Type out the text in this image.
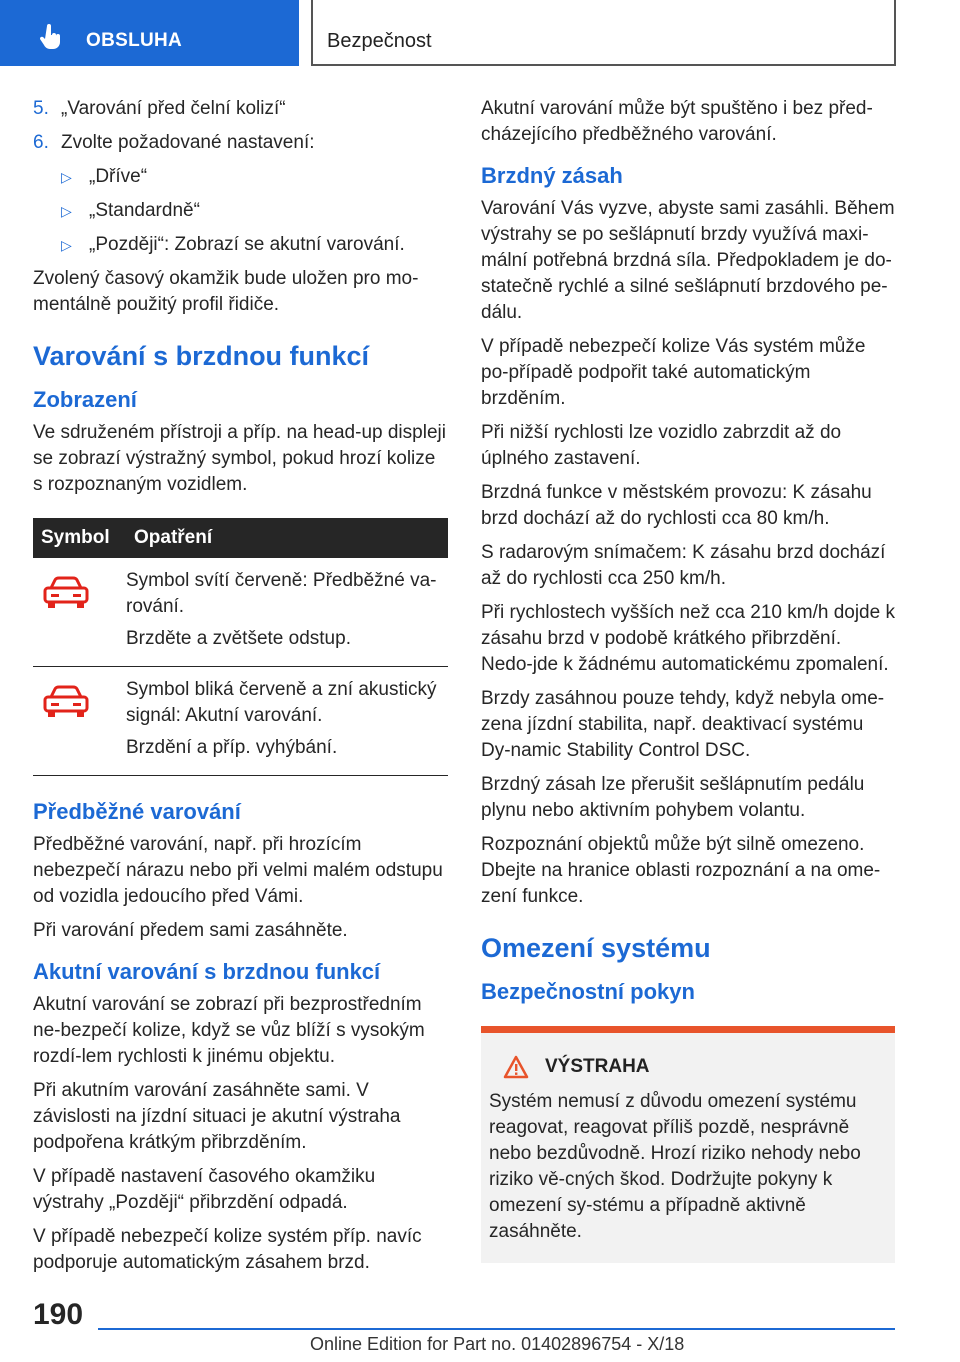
OBSLUHA	Bezpečnost
5. „Varování před čelní kolizí“
6. Zvolte požadované nastavení:
▷ „Dříve“
▷ „Standardně“
▷ „Později“: Zobrazí se akutní varování.

Zvolený časový okamžik bude uložen pro mo-mentálně použitý profil řidiče.

Varování s brzdnou funkcí
Zobrazení

Ve sdruženém přístroji a příp. na head-up displeji se zobrazí výstražný symbol, pokud hrozí kolize s rozpoznaným vozidlem.

Symbol	Opatření

Symbol svítí červeně: Předběžné va-rování.

Brzděte a zvětšete odstup.

Symbol bliká červeně a zní akustický signál: Akutní varování.

Brzdění a příp. vyhýbání.

Předběžné varování

Předběžné varování, např. při hrozícím nebezpečí nárazu nebo při velmi malém odstupu od vozidla jedoucího před Vámi.

Při varování předem sami zasáhněte.

Akutní varování s brzdnou funkcí

Akutní varování se zobrazí při bezprostředním ne-bezpečí kolize, když se vůz blíží s vysokým rozdí-lem rychlosti k jinému objektu.

Při akutním varování zasáhněte sami. V závislosti na jízdní situaci je akutní výstraha podpořena krátkým přibrzděním.

V případě nastavení časového okamžiku výstrahy „Později“ přibrzdění odpadá.

V případě nebezpečí kolize systém příp. navíc podporuje automatickým zásahem brzd.

Akutní varování může být spuštěno i bez před-cházejícího předběžného varování.

Brzdný zásah

Varování Vás vyzve, abyste sami zasáhli. Během výstrahy se po sešlápnutí brzdy využívá maxi-mální potřebná brzdná síla. Předpokladem je do-statečně rychlé a silné sešlápnutí brzdového pe-dálu.

V případě nebezpečí kolize Vás systém může po-případě podpořit také automatickým brzděním.

Při nižší rychlosti lze vozidlo zabrzdit až do úplného zastavení.

Brzdná funkce v městském provozu: K zásahu brzd dochází až do rychlosti cca 80 km/h.

S radarovým snímačem: K zásahu brzd dochází až do rychlosti cca 250 km/h.

Při rychlostech vyšších než cca 210 km/h dojde k zásahu brzd v podobě krátkého přibrzdění. Nedo-jde k žádnému automatickému zpomalení.

Brzdy zasáhnou pouze tehdy, když nebyla ome-zena jízdní stabilita, např. deaktivací systému Dy-namic Stability Control DSC.

Brzdný zásah lze přerušit sešlápnutím pedálu plynu nebo aktivním pohybem volantu.

Rozpoznání objektů může být silně omezeno. Dbejte na hranice oblasti rozpoznání a na ome-zení funkce.

Omezení systému
Bezpečnostní pokyn
VÝSTRAHA

Systém nemusí z důvodu omezení systému reagovat, reagovat příliš pozdě, nesprávně nebo bezdůvodně. Hrozí riziko nehody nebo riziko vě-cných škod. Dodržujte pokyny k omezení sy-stému a případně aktivně zasáhněte.

190
Online Edition for Part no. 01402896754 - X/18
